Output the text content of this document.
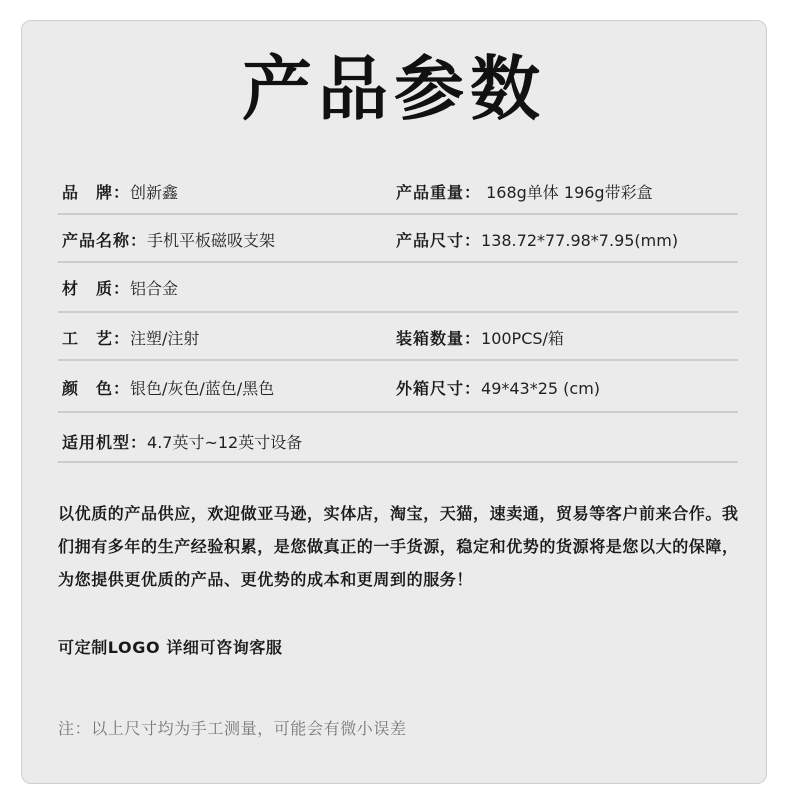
产品参数
品　牌：创新鑫	产品重量： 168g单体 196g带彩盒
产品名称：手机平板磁吸支架	产品尺寸：138.72*77.98*7.95(mm)
材　质：铝合金
工　艺：注塑/注射	装箱数量：100PCS/箱
颜　色：银色/灰色/蓝色/黑色	外箱尺寸：49*43*25 (cm)
适用机型：4.7英寸~12英寸设备
以优质的产品供应，欢迎做亚马逊，实体店，淘宝，天猫，速卖通，贸易等客户前来合作。我们拥有多年的生产经验积累，是您做真正的一手货源，稳定和优势的货源将是您以大的保障，为您提供更优质的产品、更优势的成本和更周到的服务！
可定制LOGO 详细可咨询客服
注：以上尺寸均为手工测量，可能会有微小误差
